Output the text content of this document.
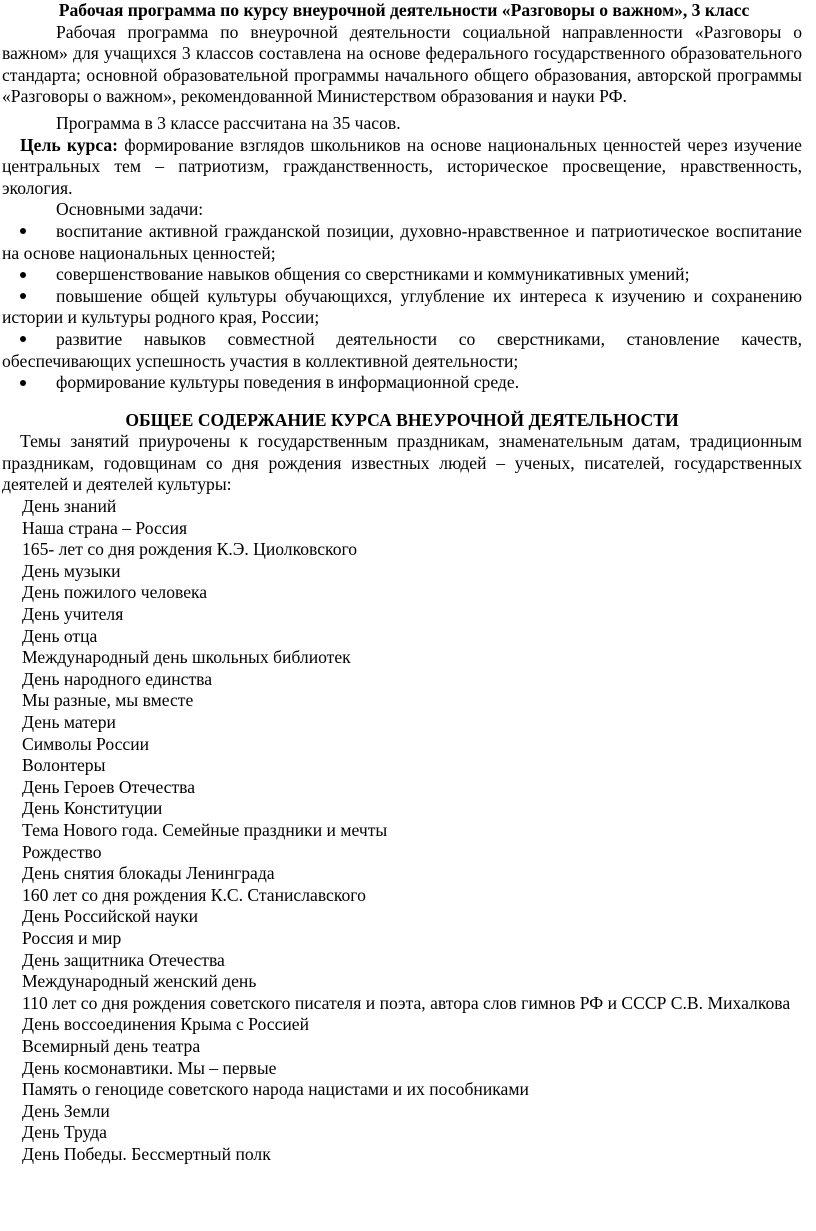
Рабочая программа по курсу внеурочной деятельности «Разговоры о важном», 3 класс

Рабочая программа по внеурочной деятельности социальной направленности «Разговоры о важном» для учащихся 3 классов составлена на основе федерального государственного образовательного стандарта; основной образовательной программы начального общего образования, авторской программы «Разговоры о важном», рекомендованной Министерством образования и науки РФ.

Программа в 3 классе рассчитана на 35 часов.

Цель курса: формирование взглядов школьников на основе национальных ценностей через изучение центральных тем – патриотизм, гражданственность, историческое просвещение, нравственность, экология.

Основными задачи:

воспитание активной гражданской позиции, духовно-нравственное и патриотическое воспитание на основе национальных ценностей;
совершенствование навыков общения со сверстниками и коммуникативных умений;
повышение общей культуры обучающихся, углубление их интереса к изучению и сохранению истории и культуры родного края, России;
развитие навыков совместной деятельности со сверстниками, становление качеств, обеспечивающих успешность участия в коллективной деятельности;
формирование культуры поведения в информационной среде.
ОБЩЕЕ СОДЕРЖАНИЕ КУРСА ВНЕУРОЧНОЙ ДЕЯТЕЛЬНОСТИ

Темы занятий приурочены к государственным праздникам, знаменательным датам, традиционным праздникам, годовщинам со дня рождения известных людей – ученых, писателей, государственных деятелей и деятелей культуры:

День знаний
Наша страна – Россия
165- лет со дня рождения К.Э. Циолковского
День музыки
День пожилого человека
День учителя
День отца
Международный день школьных библиотек
День народного единства
Мы разные, мы вместе
День матери
Символы России
Волонтеры
День Героев Отечества
День Конституции
Тема Нового года. Семейные праздники и мечты
Рождество
День снятия блокады Ленинграда
160 лет со дня рождения К.С. Станиславского
День Российской науки
Россия и мир
День защитника Отечества
Международный женский день

110 лет со дня рождения советского писателя и поэта, автора слов гимнов РФ и СССР С.В. Михалкова

День воссоединения Крыма с Россией
Всемирный день театра
День космонавтики. Мы – первые
Память о геноциде советского народа нацистами и их пособниками
День Земли
День Труда
День Победы. Бессмертный полк
